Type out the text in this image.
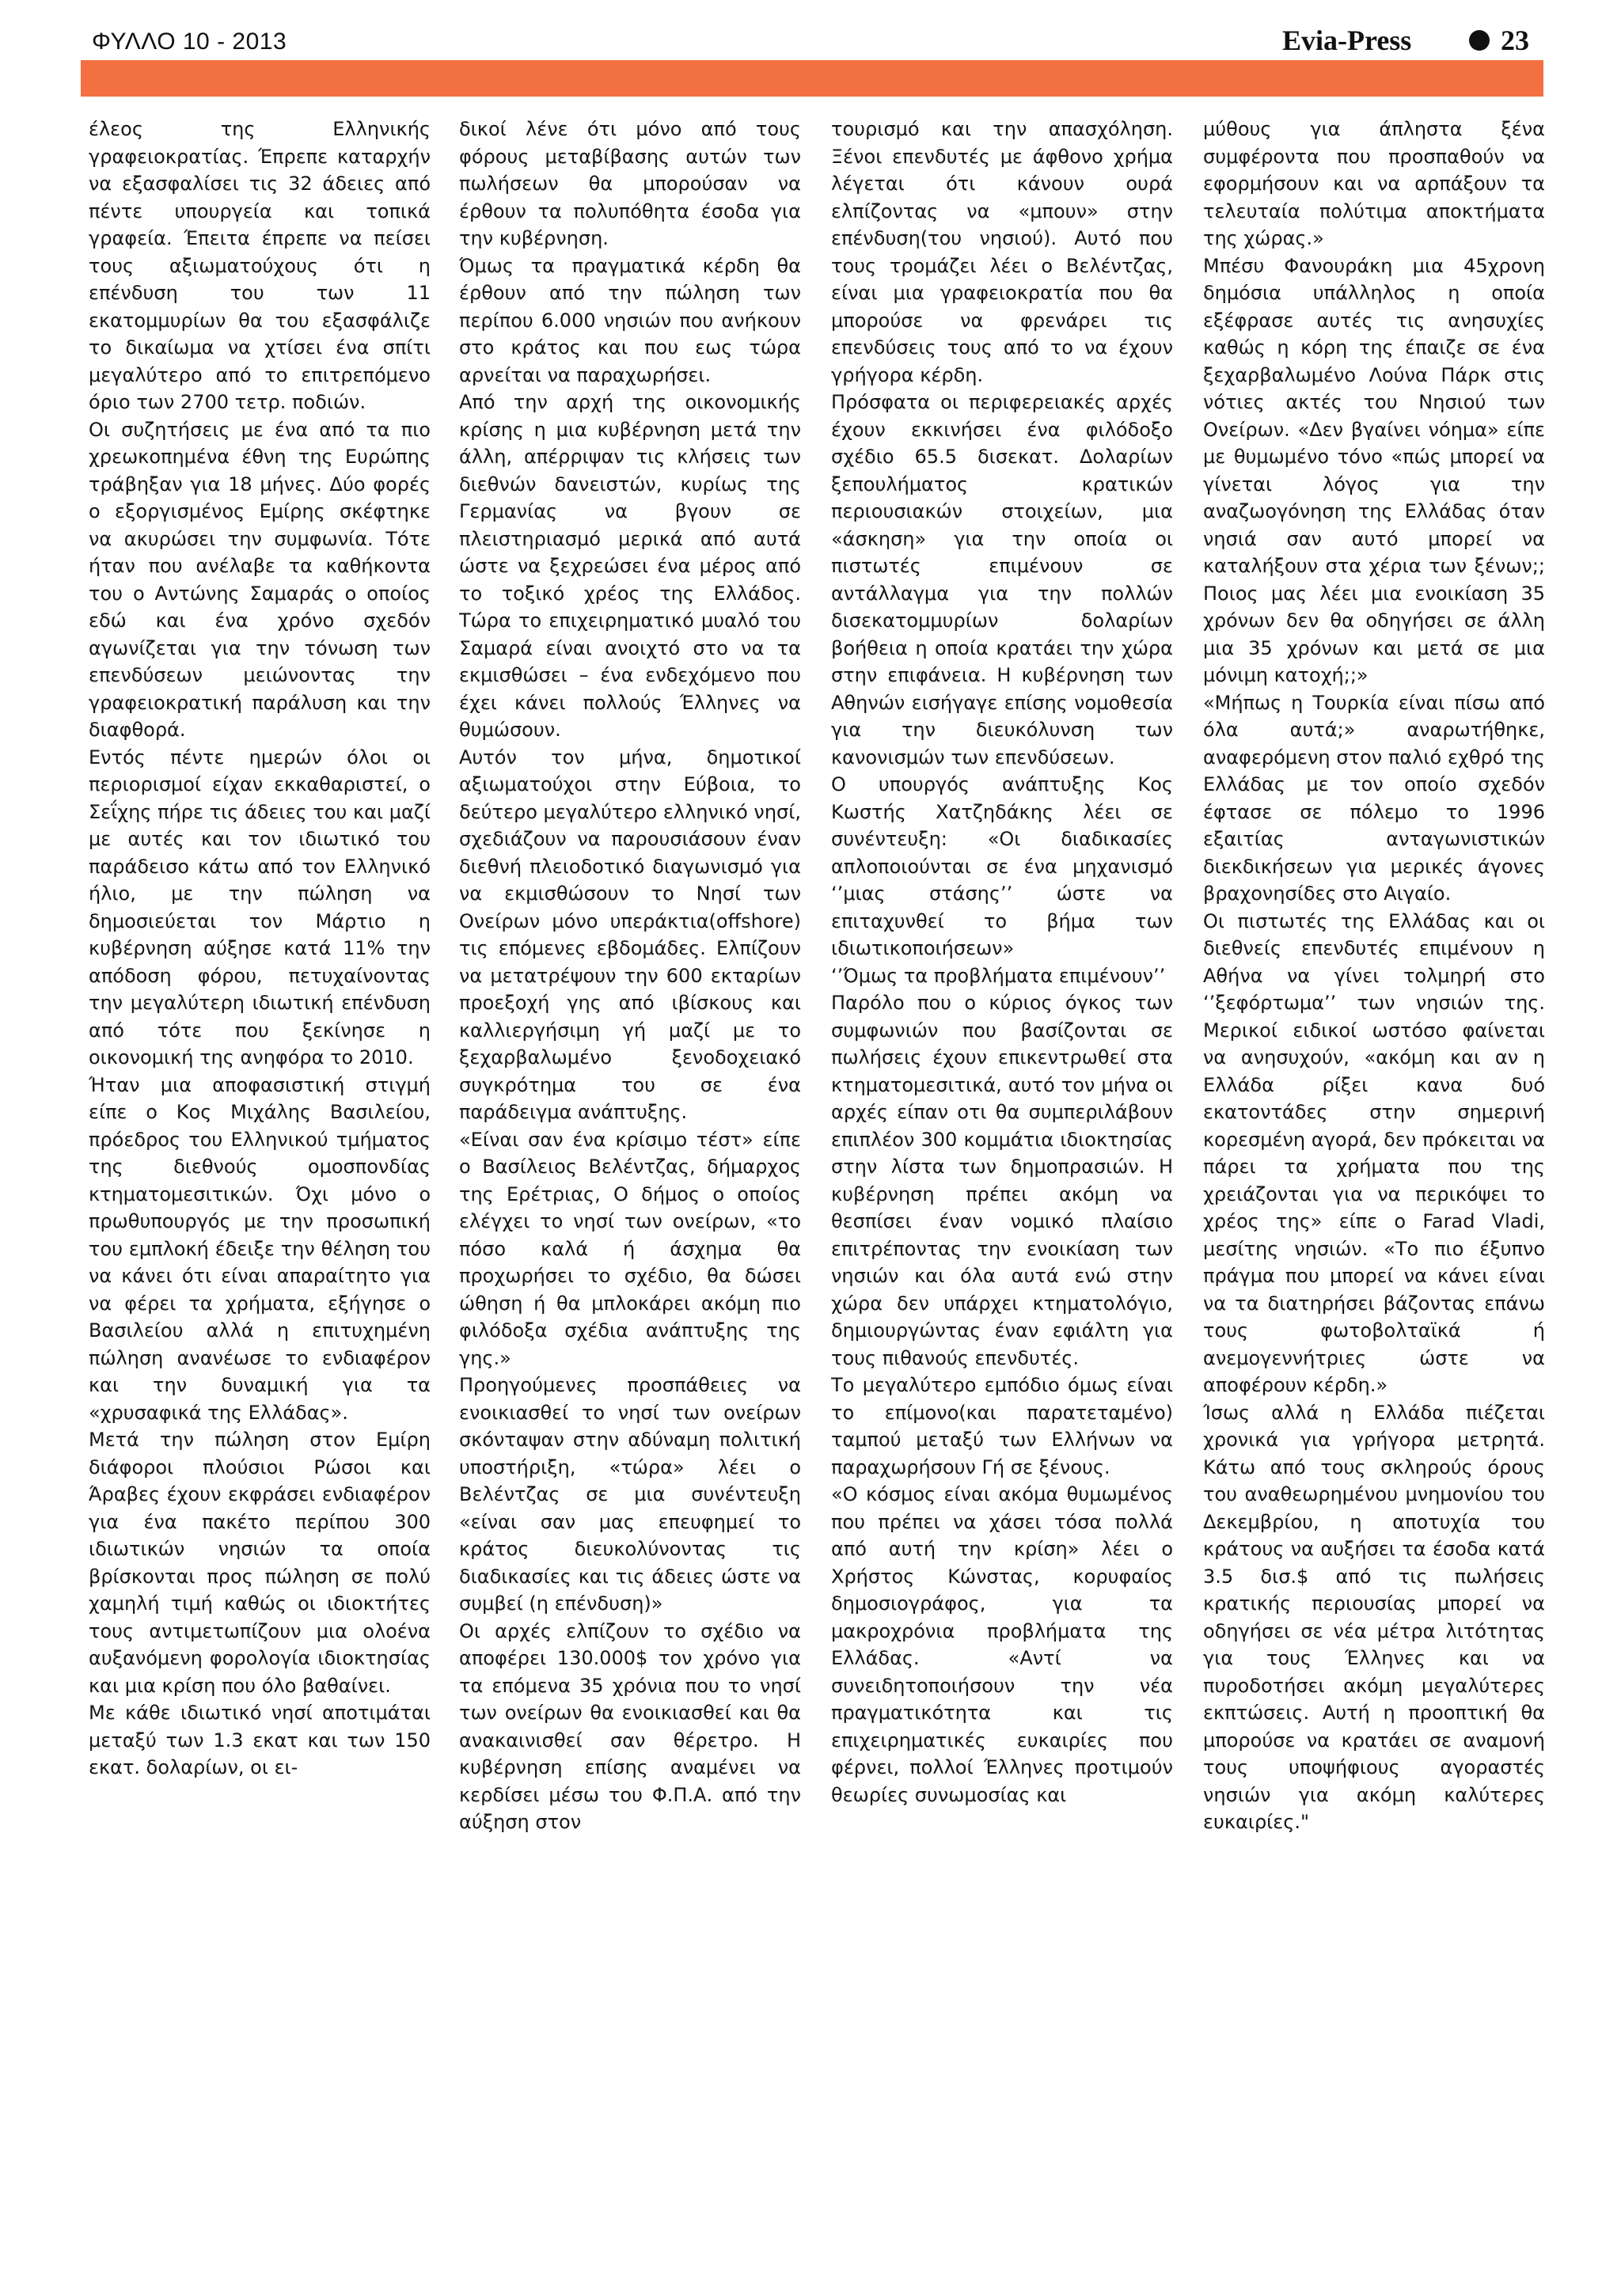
ΦΥΛΛΟ 10 - 2013	Evia-Press	23

έλεος της Ελληνικής γραφειοκρατίας. Έπρεπε καταρχήν να εξασφαλίσει τις 32 άδειες από πέντε υπουργεία και τοπικά γραφεία. Έπειτα έπρεπε να πείσει τους αξιωματούχους ότι η επένδυση του των 11 εκατομμυρίων θα του εξασφάλιζε το δικαίωμα να χτίσει ένα σπίτι μεγαλύτερο από το επιτρεπόμενο όριο των 2700 τετρ. ποδιών.

Οι συζητήσεις με ένα από τα πιο χρεωκοπημένα έθνη της Ευρώπης τράβηξαν για 18 μήνες. Δύο φορές ο εξοργισμένος Εμίρης σκέφτηκε να ακυρώσει την συμφωνία. Τότε ήταν που ανέλαβε τα καθήκοντα του ο Αντώνης Σαμαράς ο οποίος εδώ και ένα χρόνο σχεδόν αγωνίζεται για την τόνωση των επενδύσεων μειώνοντας την γραφειοκρατική παράλυση και την διαφθορά.

Εντός πέντε ημερών όλοι οι περιορισμοί είχαν εκκαθαριστεί, ο Σεΐχης πήρε τις άδειες του και μαζί με αυτές και τον ιδιωτικό του παράδεισο κάτω από τον Ελληνικό ήλιο, με την πώληση να δημοσιεύεται τον Μάρτιο η κυβέρνηση αύξησε κατά 11% την απόδοση φόρου, πετυχαίνοντας την μεγαλύτερη ιδιωτική επένδυση από τότε που ξεκίνησε η οικονομική της ανηφόρα το 2010.

Ήταν μια αποφασιστική στιγμή είπε ο Κος Μιχάλης Βασιλείου, πρόεδρος του Ελληνικού τμήματος της διεθνούς ομοσπονδίας κτηματομεσιτικών. Όχι μόνο ο πρωθυπουργός με την προσωπική του εμπλοκή έδειξε την θέληση του να κάνει ότι είναι απαραίτητο για να φέρει τα χρήματα, εξήγησε ο Βασιλείου αλλά η επιτυχημένη πώληση ανανέωσε το ενδιαφέρον και την δυναμική για τα «χρυσαφικά της Ελλάδας».

Μετά την πώληση στον Εμίρη διάφοροι πλούσιοι Ρώσοι και Άραβες έχουν εκφράσει ενδιαφέρον για ένα πακέτο περίπου 300 ιδιωτικών νησιών τα οποία βρίσκονται προς πώληση σε πολύ χαμηλή τιμή καθώς οι ιδιοκτήτες τους αντιμετωπίζουν μια ολοένα αυξανόμενη φορολογία ιδιοκτησίας και μια κρίση που όλο βαθαίνει.

Με κάθε ιδιωτικό νησί αποτιμάται μεταξύ των 1.3 εκατ και των 150 εκατ. δολαρίων, οι ει-

δικοί λένε ότι μόνο από τους φόρους μεταβίβασης αυτών των πωλήσεων θα μπορούσαν να έρθουν τα πολυπόθητα έσοδα για την κυβέρνηση.

Όμως τα πραγματικά κέρδη θα έρθουν από την πώληση των περίπου 6.000 νησιών που ανήκουν στο κράτος και που εως τώρα αρνείται να παραχωρήσει.

Από την αρχή της οικονομικής κρίσης η μια κυβέρνηση μετά την άλλη, απέρριψαν τις κλήσεις των διεθνών δανειστών, κυρίως της Γερμανίας να βγουν σε πλειστηριασμό μερικά από αυτά ώστε να ξεχρεώσει ένα μέρος από το τοξικό χρέος της Ελλάδος. Τώρα το επιχειρηματικό μυαλό του Σαμαρά είναι ανοιχτό στο να τα εκμισθώσει – ένα ενδεχόμενο που έχει κάνει πολλούς Έλληνες να θυμώσουν.

Αυτόν τον μήνα, δημοτικοί αξιωματούχοι στην Εύβοια, το δεύτερο μεγαλύτερο ελληνικό νησί, σχεδιάζουν να παρουσιάσουν έναν διεθνή πλειοδοτικό διαγωνισμό για να εκμισθώσουν το Νησί των Ονείρων μόνο υπεράκτια(offshore) τις επόμενες εβδομάδες. Ελπίζουν να μετατρέψουν την 600 εκταρίων προεξοχή γης από ιβίσκους και καλλιεργήσιμη γή μαζί με το ξεχαρβαλωμένο ξενοδοχειακό συγκρότημα του σε ένα παράδειγμα ανάπτυξης.

«Είναι σαν ένα κρίσιμο τέστ» είπε ο Βασίλειος Βελέντζας, δήμαρχος της Ερέτριας, Ο δήμος ο οποίος ελέγχει το νησί των ονείρων, «το πόσο καλά ή άσχημα θα προχωρήσει το σχέδιο, θα δώσει ώθηση ή θα μπλοκάρει ακόμη πιο φιλόδοξα σχέδια ανάπτυξης της γης.»

Προηγούμενες προσπάθειες να ενοικιασθεί το νησί των ονείρων σκόνταψαν στην αδύναμη πολιτική υποστήριξη, «τώρα» λέει ο Βελέντζας σε μια συνέντευξη «είναι σαν μας επευφημεί το κράτος διευκολύνοντας τις διαδικασίες και τις άδειες ώστε να συμβεί (η επένδυση)»

Οι αρχές ελπίζουν το σχέδιο να αποφέρει 130.000$ τον χρόνο για τα επόμενα 35 χρόνια που το νησί των ονείρων θα ενοικιασθεί και θα ανακαινισθεί σαν θέρετρο. Η κυβέρνηση επίσης αναμένει να κερδίσει μέσω του Φ.Π.Α. από την αύξηση στον

τουρισμό και την απασχόληση. Ξένοι επενδυτές με άφθονο χρήμα λέγεται ότι κάνουν ουρά ελπίζοντας να «μπουν» στην επένδυση(του νησιού). Αυτό που τους τρομάζει λέει ο Βελέντζας, είναι μια γραφειοκρατία που θα μπορούσε να φρενάρει τις επενδύσεις τους από το να έχουν γρήγορα κέρδη.

Πρόσφατα οι περιφερειακές αρχές έχουν εκκινήσει ένα φιλόδοξο σχέδιο 65.5 δισεκατ. Δολαρίων ξεπουλήματος κρατικών περιουσιακών στοιχείων, μια «άσκηση» για την οποία οι πιστωτές επιμένουν σε αντάλλαγμα για την πολλών δισεκατομμυρίων δολαρίων βοήθεια η οποία κρατάει την χώρα στην επιφάνεια. Η κυβέρνηση των Αθηνών εισήγαγε επίσης νομοθεσία για την διευκόλυνση των κανονισμών των επενδύσεων.

Ο υπουργός ανάπτυξης Κος Κωστής Χατζηδάκης λέει σε συνέντευξη: «Οι διαδικασίες απλοποιούνται σε ένα μηχανισμό ‘’μιας στάσης’’ ώστε να επιταχυνθεί το βήμα των ιδιωτικοποιήσεων»

‘’Όμως τα προβλήματα επιμένουν’’

Παρόλο που ο κύριος όγκος των συμφωνιών που βασίζονται σε πωλήσεις έχουν επικεντρωθεί στα κτηματομεσιτικά, αυτό τον μήνα οι αρχές είπαν οτι θα συμπεριλάβουν επιπλέον 300 κομμάτια ιδιοκτησίας στην λίστα των δημοπρασιών. Η κυβέρνηση πρέπει ακόμη να θεσπίσει έναν νομικό πλαίσιο επιτρέποντας την ενοικίαση των νησιών και όλα αυτά ενώ στην χώρα δεν υπάρχει κτηματολόγιο, δημιουργώντας έναν εφιάλτη για τους πιθανούς επενδυτές.

Το μεγαλύτερο εμπόδιο όμως είναι το επίμονο(και παρατεταμένο) ταμπού μεταξύ των Ελλήνων να παραχωρήσουν Γή σε ξένους.

«Ο κόσμος είναι ακόμα θυμωμένος που πρέπει να χάσει τόσα πολλά από αυτή την κρίση» λέει ο Χρήστος Κώνστας, κορυφαίος δημοσιογράφος, για τα μακροχρόνια προβλήματα της Ελλάδας. «Αντί να συνειδητοποιήσουν την νέα πραγματικότητα και τις επιχειρηματικές ευκαιρίες που φέρνει, πολλοί Έλληνες προτιμούν θεωρίες συνωμοσίας και

μύθους για άπληστα ξένα συμφέροντα που προσπαθούν να εφορμήσουν και να αρπάξουν τα τελευταία πολύτιμα αποκτήματα της χώρας.»

Μπέσυ Φανουράκη μια 45χρονη δημόσια υπάλληλος η οποία εξέφρασε αυτές τις ανησυχίες καθώς η κόρη της έπαιζε σε ένα ξεχαρβαλωμένο Λούνα Πάρκ στις νότιες ακτές του Νησιού των Ονείρων. «Δεν βγαίνει νόημα» είπε με θυμωμένο τόνο «πώς μπορεί να γίνεται λόγος για την αναζωογόνηση της Ελλάδας όταν νησιά σαν αυτό μπορεί να καταλήξουν στα χέρια των ξένων;; Ποιος μας λέει μια ενοικίαση 35 χρόνων δεν θα οδηγήσει σε άλλη μια 35 χρόνων και μετά σε μια μόνιμη κατοχή;;»

«Μήπως η Τουρκία είναι πίσω από όλα αυτά;» αναρωτήθηκε, αναφερόμενη στον παλιό εχθρό της Ελλάδας με τον οποίο σχεδόν έφτασε σε πόλεμο το 1996 εξαιτίας ανταγωνιστικών διεκδικήσεων για μερικές άγονες βραχονησίδες στο Αιγαίο.

Οι πιστωτές της Ελλάδας και οι διεθνείς επενδυτές επιμένουν η Αθήνα να γίνει τολμηρή στο ‘’ξεφόρτωμα’’ των νησιών της. Μερικοί ειδικοί ωστόσο φαίνεται να ανησυχούν, «ακόμη και αν η Ελλάδα ρίξει κανα δυό εκατοντάδες στην σημερινή κορεσμένη αγορά, δεν πρόκειται να πάρει τα χρήματα που της χρειάζονται για να περικόψει το χρέος της» είπε ο Farad Vladi, μεσίτης νησιών. «Το πιο έξυπνο πράγμα που μπορεί να κάνει είναι να τα διατηρήσει βάζοντας επάνω τους φωτοβολταϊκά ή ανεμογεννήτριες ώστε να αποφέρουν κέρδη.»

Ίσως αλλά η Ελλάδα πιέζεται χρονικά για γρήγορα μετρητά. Κάτω από τους σκληρούς όρους του αναθεωρημένου μνημονίου του Δεκεμβρίου, η αποτυχία του κράτους να αυξήσει τα έσοδα κατά 3.5 δισ.$ από τις πωλήσεις κρατικής περιουσίας μπορεί να οδηγήσει σε νέα μέτρα λιτότητας για τους Έλληνες και να πυροδοτήσει ακόμη μεγαλύτερες εκπτώσεις. Αυτή η προοπτική θα μπορούσε να κρατάει σε αναμονή τους υποψήφιους αγοραστές νησιών για ακόμη καλύτερες ευκαιρίες."
